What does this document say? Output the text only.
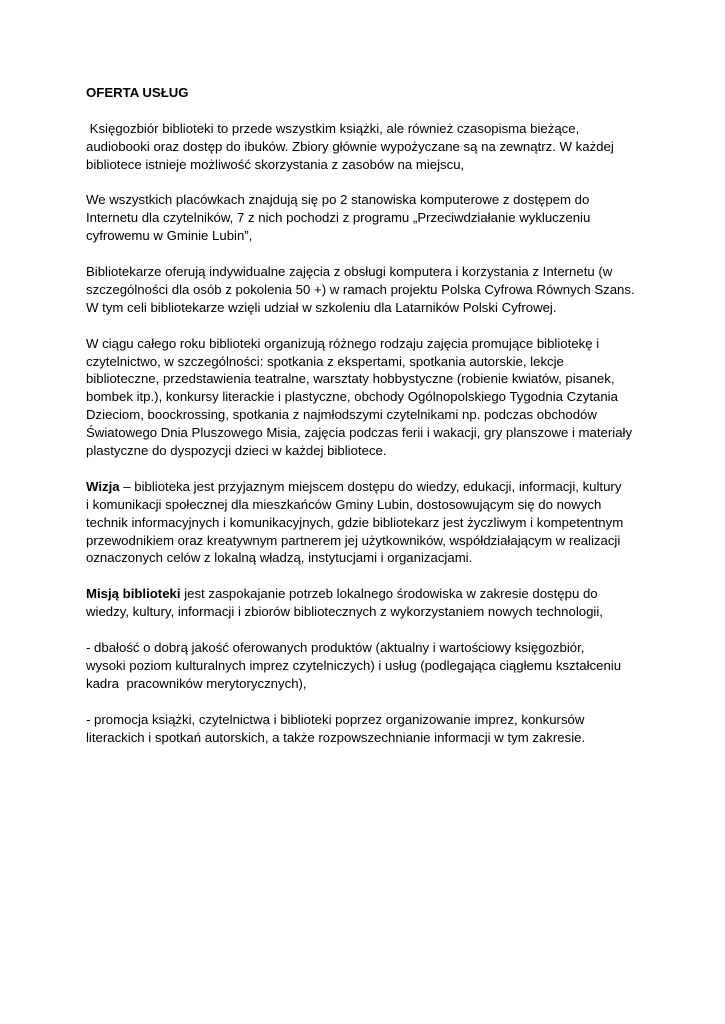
OFERTA USŁUG
Księgozbiór biblioteki to przede wszystkim książki, ale również czasopisma bieżące,
audiobooki oraz dostęp do ibuków. Zbiory głównie wypożyczane są na zewnątrz. W każdej
bibliotece istnieje możliwość skorzystania z zasobów na miejscu,
We wszystkich placówkach znajdują się po 2 stanowiska komputerowe z dostępem do
Internetu dla czytelników, 7 z nich pochodzi z programu „Przeciwdziałanie wykluczeniu
cyfrowemu w Gminie Lubin”,
Bibliotekarze oferują indywidualne zajęcia z obsługi komputera i korzystania z Internetu (w
szczególności dla osób z pokolenia 50 +) w ramach projektu Polska Cyfrowa Równych Szans.
W tym celi bibliotekarze wzięli udział w szkoleniu dla Latarników Polski Cyfrowej.
W ciągu całego roku biblioteki organizują różnego rodzaju zajęcia promujące bibliotekę i
czytelnictwo, w szczególności: spotkania z ekspertami, spotkania autorskie, lekcje
biblioteczne, przedstawienia teatralne, warsztaty hobbystyczne (robienie kwiatów, pisanek,
bombek itp.), konkursy literackie i plastyczne, obchody Ogólnopolskiego Tygodnia Czytania
Dzieciom, boockrossing, spotkania z najmłodszymi czytelnikami np. podczas obchodów
Światowego Dnia Pluszowego Misia, zajęcia podczas ferii i wakacji, gry planszowe i materiały
plastyczne do dyspozycji dzieci w każdej bibliotece.
Wizja – biblioteka jest przyjaznym miejscem dostępu do wiedzy, edukacji, informacji, kultury
i komunikacji społecznej dla mieszkańców Gminy Lubin, dostosowującym się do nowych
technik informacyjnych i komunikacyjnych, gdzie bibliotekarz jest życzliwym i kompetentnym
przewodnikiem oraz kreatywnym partnerem jej użytkowników, współdziałającym w realizacji
oznaczonych celów z lokalną władzą, instytucjami i organizacjami.
Misją biblioteki jest zaspokajanie potrzeb lokalnego środowiska w zakresie dostępu do
wiedzy, kultury, informacji i zbiorów bibliotecznych z wykorzystaniem nowych technologii,
- dbałość o dobrą jakość oferowanych produktów (aktualny i wartościowy księgozbiór,
wysoki poziom kulturalnych imprez czytelniczych) i usług (podlegająca ciągłemu kształceniu
kadra  pracowników merytorycznych),
- promocja książki, czytelnictwa i biblioteki poprzez organizowanie imprez, konkursów
literackich i spotkań autorskich, a także rozpowszechnianie informacji w tym zakresie.
